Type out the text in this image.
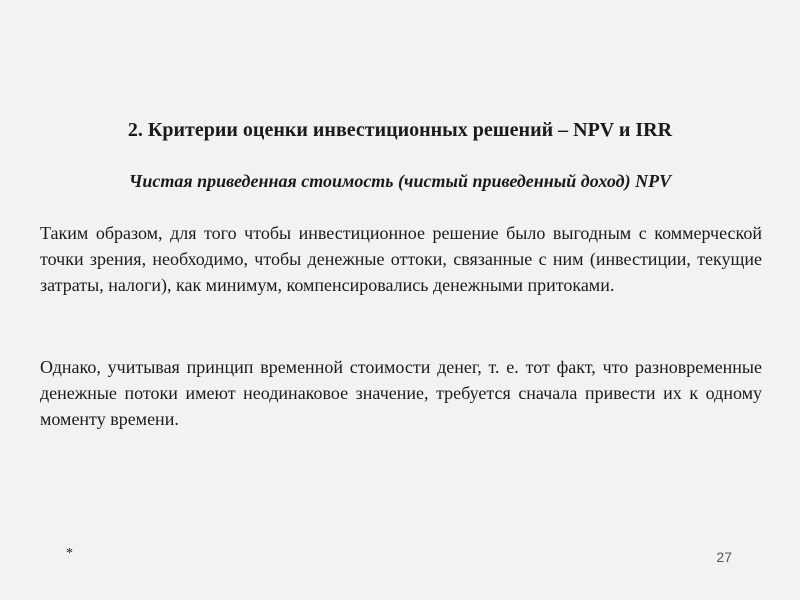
2. Критерии оценки инвестиционных решений – NPV и IRR
Чистая приведенная стоимость (чистый приведенный доход) NPV

Таким образом, для того чтобы инвестиционное решение было выгодным с коммерческой точки зрения, необходимо, чтобы денежные оттоки, связанные с ним (инвестиции, текущие затраты, налоги), как минимум, компенсировались денежными притоками.

Однако, учитывая принцип временной стоимости денег, т. е. тот факт, что разновременные денежные потоки имеют неодинаковое значение, требуется сначала привести их к одному моменту времени.

*	27
